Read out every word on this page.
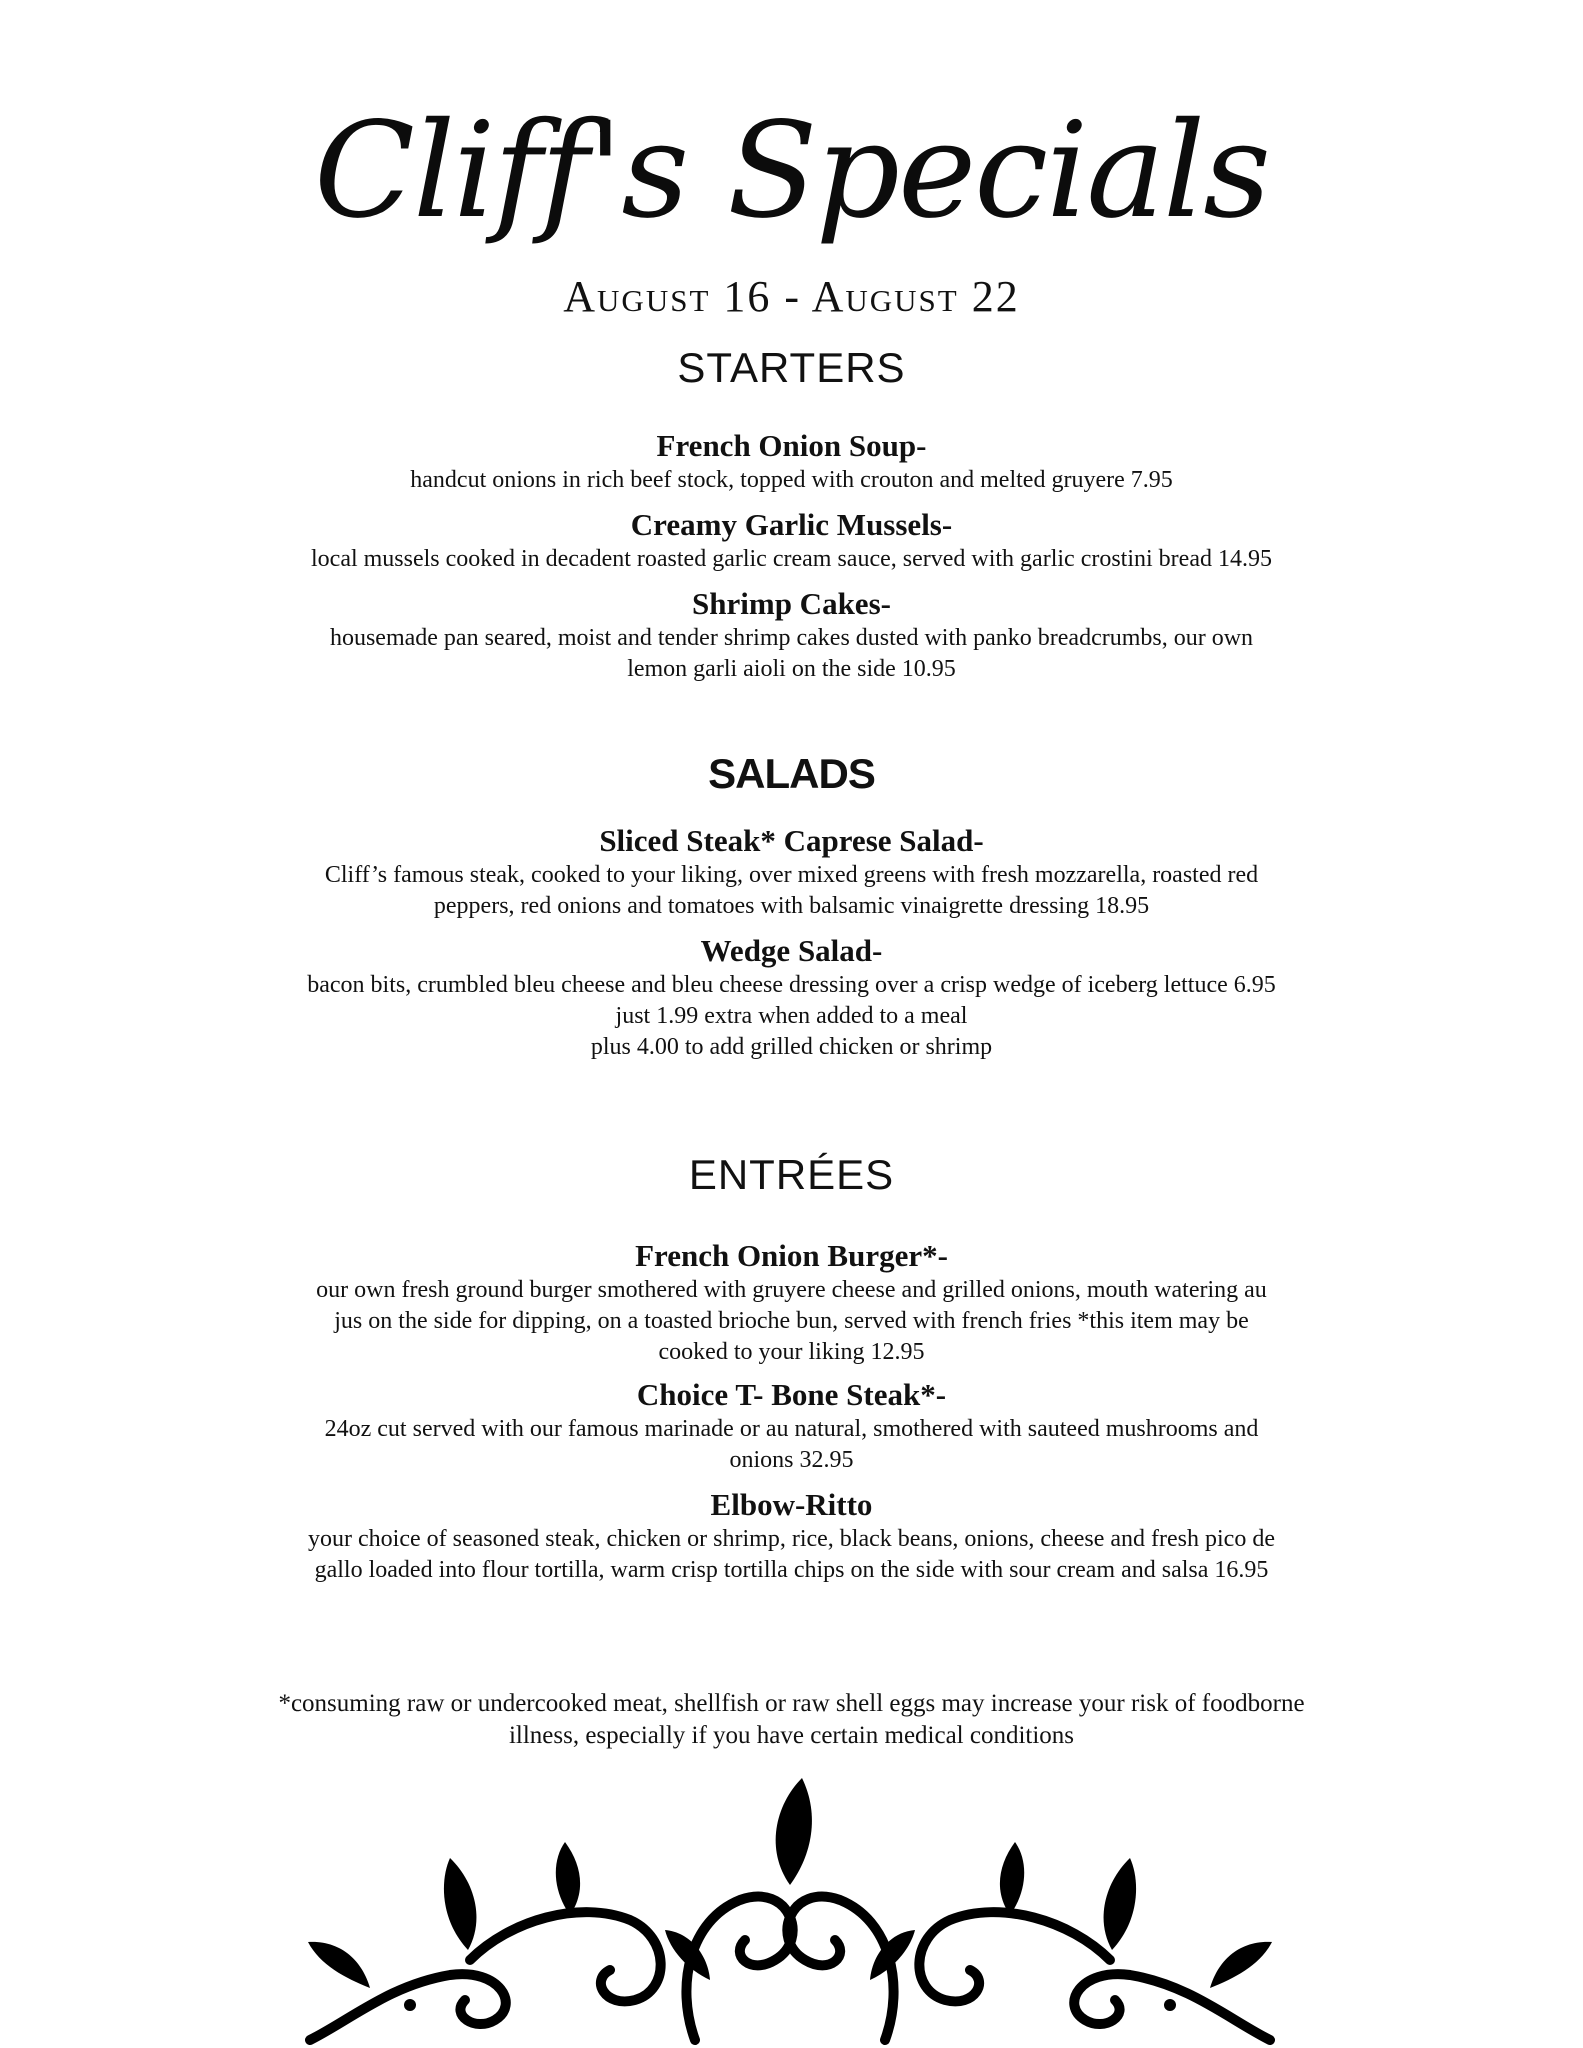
Cliff's Specials
August 16 - August 22
STARTERS
French Onion Soup-
handcut onions in rich beef stock, topped with crouton and melted gruyere 7.95
Creamy Garlic Mussels-
local mussels cooked in decadent roasted garlic cream sauce, served with garlic crostini bread 14.95
Shrimp Cakes-
housemade pan seared, moist and tender shrimp cakes dusted with panko breadcrumbs, our own
lemon garli aioli on the side 10.95
SALADS
Sliced Steak* Caprese Salad-
Cliff’s famous steak, cooked to your liking, over mixed greens with fresh mozzarella, roasted red
peppers, red onions and tomatoes with balsamic vinaigrette dressing 18.95
Wedge Salad-
bacon bits, crumbled bleu cheese and bleu cheese dressing over a crisp wedge of iceberg lettuce 6.95
just 1.99 extra when added to a meal
plus 4.00 to add grilled chicken or shrimp
ENTRÉES
French Onion Burger*-
our own fresh ground burger smothered with gruyere cheese and grilled onions, mouth watering au
jus on the side for dipping, on a toasted brioche bun, served with french fries *this item may be
cooked to your liking 12.95
Choice T- Bone Steak*-
24oz cut served with our famous marinade or au natural, smothered with sauteed mushrooms and
onions 32.95
Elbow-Ritto
your choice of seasoned steak, chicken or shrimp, rice, black beans, onions, cheese and fresh pico de
gallo loaded into flour tortilla, warm crisp tortilla chips on the side with sour cream and salsa 16.95
*consuming raw or undercooked meat, shellfish or raw shell eggs may increase your risk of foodborne
illness, especially if you have certain medical conditions
